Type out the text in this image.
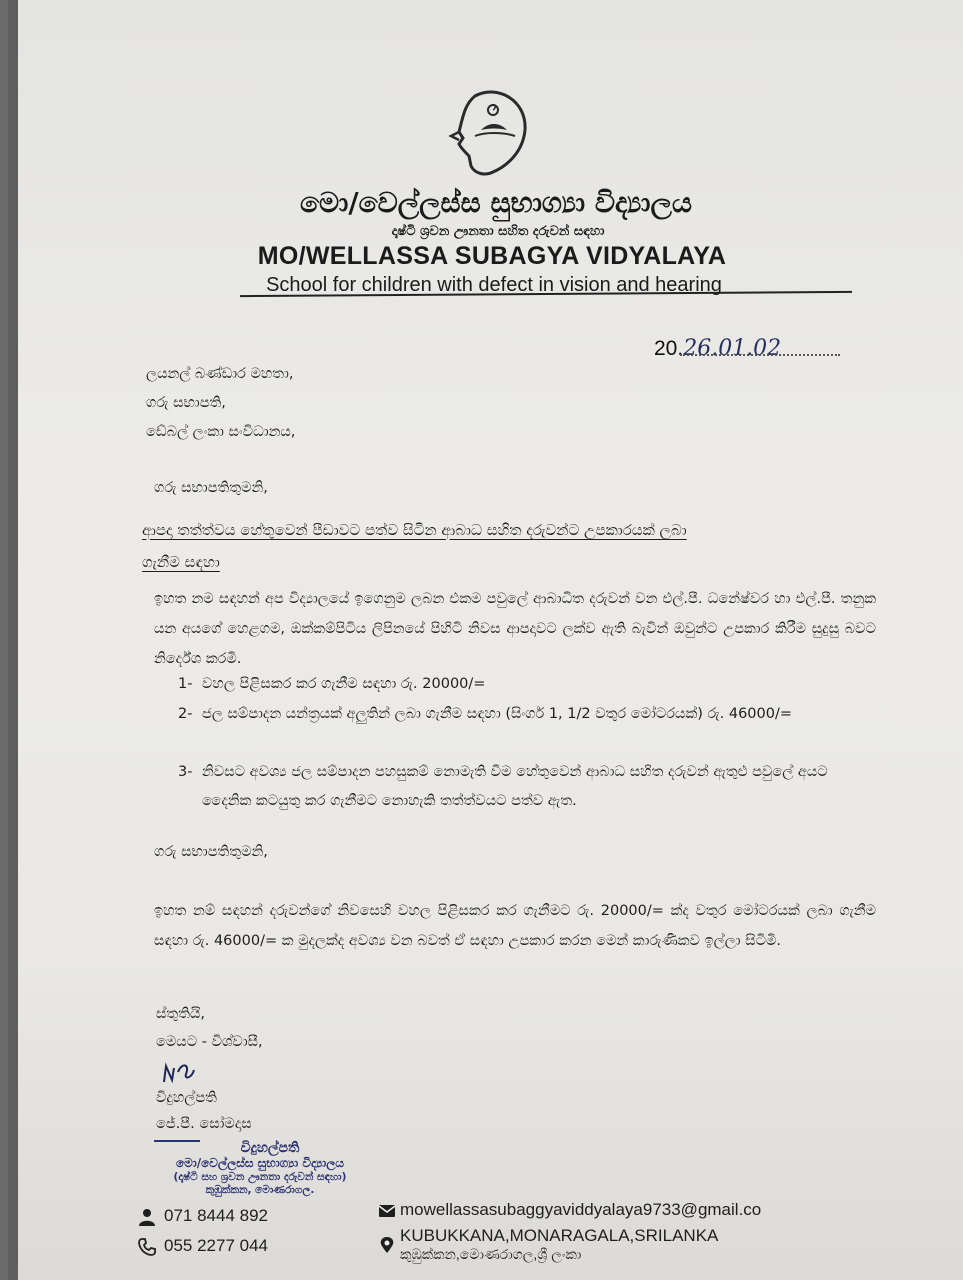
මො/වෙල්ලස්ස සුභාග්‍යා විද්‍යාලය
දෘෂ්ටි ශ්‍රවන ඌනතා සහිත දරුවන් සඳහා
MO/WELLASSA SUBAGYA VIDYALAYA
School for children with defect in vision and hearing
20.26.01.02
ලයනල් බණ්ඩාර මහතා,
ගරු සභාපති,
ඩේබල් ලංකා සංවිධානය,
ගරු සභාපතිතුමනි,
ආපදා තත්ත්වය හේතුවෙන් පීඩාවට පත්ව සිටින ආබාධ සහිත දරුවන්ට උපකාරයක් ලබා
ගැනීම සඳහා
ඉහත නම සඳහන් අප විද්‍යාලයේ ඉගෙනුම ලබන එකම පවුලේ ආබාධිත දරුවන් වන එල්.පී. ධනේෂ්වර හා එල්.පී. තනුක යන අයගේ හෙළගම, ඔක්කම්පිටිය ලිපිනයේ පිහිටි නිවස ආපදාවට ලක්ව ඇති බැවින් ඔවුන්ට උපකාර කිරීම සුදුසු බවට නිර්දේශ කරමි.
1- වහල පිළිසකර කර ගැනීම සඳහා රු. 20000/=
2- ජල සම්පාදන යන්ත්‍රයක් අලුතින් ලබා ගැනීම සඳහා (සිංගර් 1, 1/2 වතුර මෝටරයක්) රු. 46000/=
3- නිවසට අවශ්‍ය ජල සම්පාදන පහසුකම් නොමැති වීම හේතුවෙන් ආබාධ සහිත දරුවන් ඇතුළු පවුලේ අයට දෛනික කටයුතු කර ගැනීමට නොහැකි තත්ත්වයට පත්ව ඇත.
ගරු සභාපතිතුමනි,
ඉහත නම් සඳහන් දරුවන්ගේ නිවසෙහි වහල පිළිසකර කර ගැනීමට රු. 20000/= ක්ද වතුර මෝටරයක් ලබා ගැනීම සඳහා රු. 46000/= ක මුදලක්ද අවශ්‍ය වන බවත් ඒ සඳහා උපකාර කරන මෙන් කාරුණිකව ඉල්ලා සිටිමි.
ස්තුතියි,
මෙයට - විශ්වාසී,
විදුහල්පති
ජේ.පී. සෝමදාස
විදුහල්පති
මො/වෙල්ලස්ස සුභාග්‍යා විද්‍යාලය
(දෘෂ්ටි සහ ශ්‍රවන ඌනතා දරුවන් සඳහා)
කුඹුක්කන, මොණරාගල.
071 8444 892
055 2277 044
mowellassasubaggyaviddyalaya9733@gmail.co
KUBUKKANA,MONARAGALA,SRILANKA
කුඹුක්කන,මොණරාගල,ශ්‍රී ලංකා
